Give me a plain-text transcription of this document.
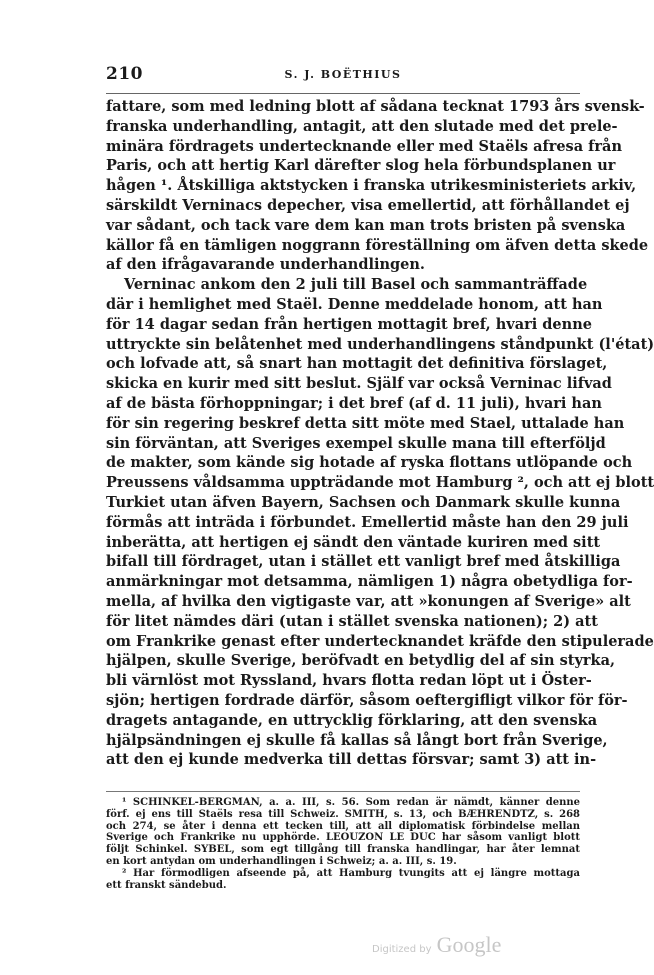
210	S. J. BOËTHIUS
fattare, som med ledning blott af sådana tecknat 1793 års svensk-
franska underhandling, antagit, att den slutade med det prele-
minära fördragets undertecknande eller med Staëls afresa från
Paris, och att hertig Karl därefter slog hela förbundsplanen ur
hågen ¹. Åtskilliga aktstycken i franska utrikesministeriets arkiv,
särskildt Verninacs depecher, visa emellertid, att förhållandet ej
var sådant, och tack vare dem kan man trots bristen på svenska
källor få en tämligen noggrann föreställning om äfven detta skede
af den ifrågavarande underhandlingen.
Verninac ankom den 2 juli till Basel och sammanträffade
där i hemlighet med Staël. Denne meddelade honom, att han
för 14 dagar sedan från hertigen mottagit bref, hvari denne
uttryckte sin belåtenhet med underhandlingens ståndpunkt (l'état)
och lofvade att, så snart han mottagit det definitiva förslaget,
skicka en kurir med sitt beslut. Själf var också Verninac lifvad
af de bästa förhoppningar; i det bref (af d. 11 juli), hvari han
för sin regering beskref detta sitt möte med Stael, uttalade han
sin förväntan, att Sveriges exempel skulle mana till efterföljd
de makter, som kände sig hotade af ryska flottans utlöpande och
Preussens våldsamma uppträdande mot Hamburg ², och att ej blott
Turkiet utan äfven Bayern, Sachsen och Danmark skulle kunna
förmås att inträda i förbundet. Emellertid måste han den 29 juli
inberätta, att hertigen ej sändt den väntade kuriren med sitt
bifall till fördraget, utan i stället ett vanligt bref med åtskilliga
anmärkningar mot detsamma, nämligen 1) några obetydliga for-
mella, af hvilka den vigtigaste var, att »konungen af Sverige» alt
för litet nämdes däri (utan i stället svenska nationen); 2) att
om Frankrike genast efter undertecknandet kräfde den stipulerade
hjälpen, skulle Sverige, beröfvadt en betydlig del af sin styrka,
bli värnlöst mot Ryssland, hvars flotta redan löpt ut i Öster-
sjön; hertigen fordrade därför, såsom oeftergifligt vilkor för för-
dragets antagande, en uttrycklig förklaring, att den svenska
hjälpsändningen ej skulle få kallas så långt bort från Sverige,
att den ej kunde medverka till dettas försvar; samt 3) att in-
¹ SCHINKEL-BERGMAN, a. a. III, s. 56. Som redan är nämdt, känner denne
förf. ej ens till Staëls resa till Schweiz. SMITH, s. 13, och BÆHRENDTZ, s. 268
och 274, se åter i denna ett tecken till, att all diplomatisk förbindelse mellan
Sverige och Frankrike nu upphörde. LEOUZON LE DUC har såsom vanligt blott
följt Schinkel. SYBEL, som egt tillgång till franska handlingar, har åter lemnat
en kort antydan om underhandlingen i Schweiz; a. a. III, s. 19.
² Har förmodligen afseende på, att Hamburg tvungits att ej längre mottaga
ett franskt sändebud.
Digitized by Google
